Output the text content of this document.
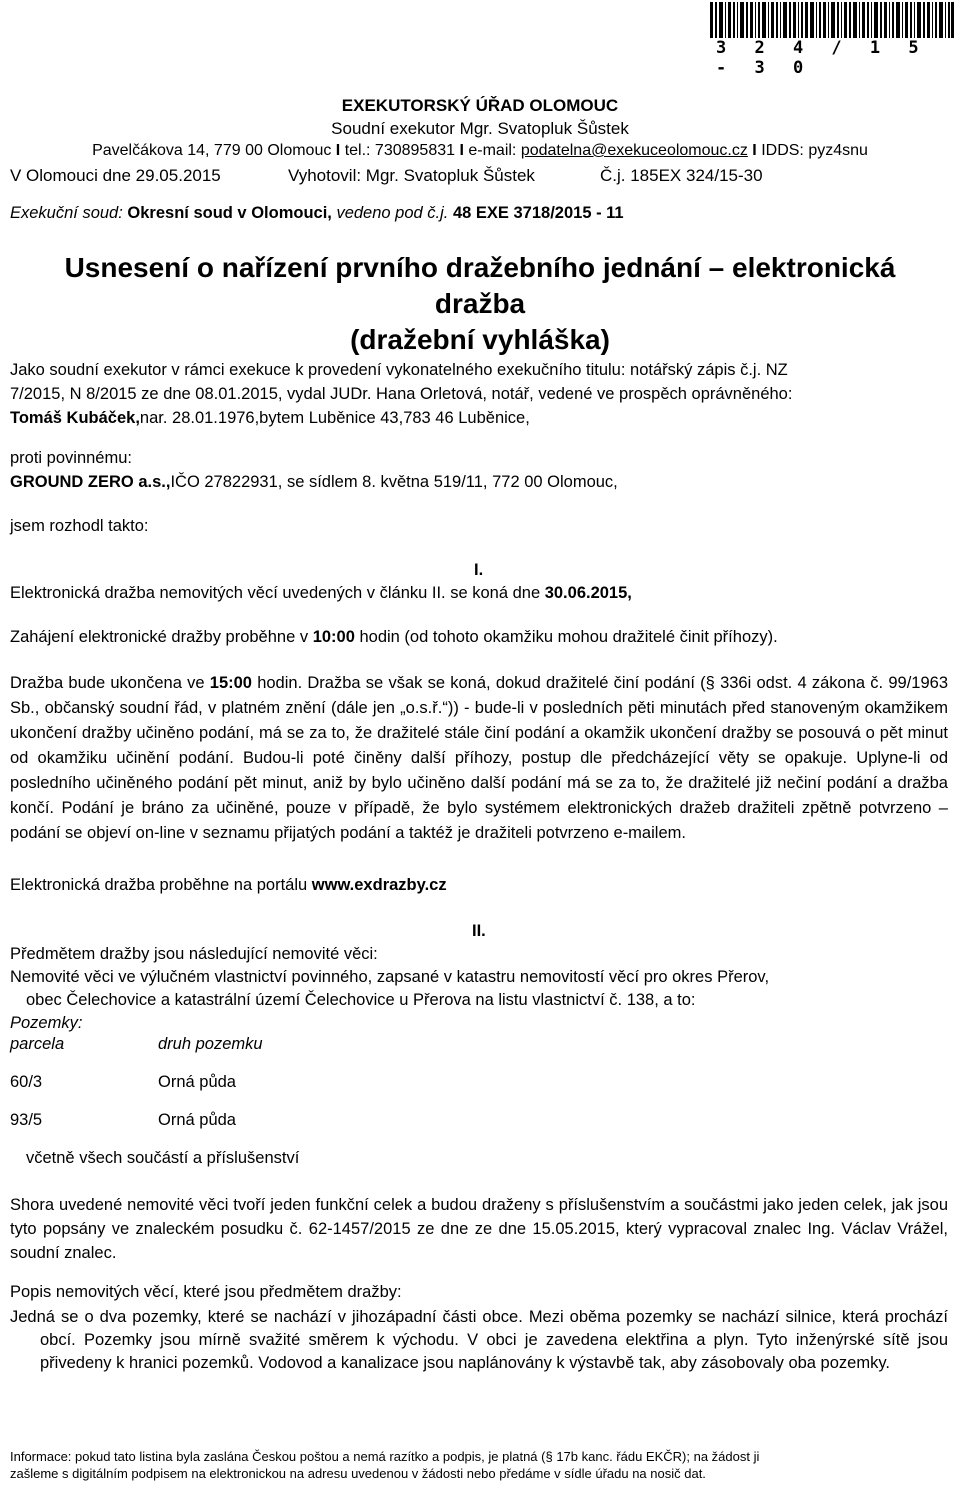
3 2 4 / 1 5 - 3 0
EXEKUTORSKÝ ÚŘAD OLOMOUC
Soudní exekutor Mgr. Svatopluk Šůstek
Pavelčákova 14, 779 00 Olomouc I tel.: 730895831 I e-mail: podatelna@exekuceolomouc.cz I IDDS: pyz4snu
V Olomouci dne 29.05.2015	Vyhotovil: Mgr. Svatopluk Šůstek	Č.j. 185EX 324/15-30
Exekuční soud: Okresní soud v Olomouci, vedeno pod č.j. 48 EXE 3718/2015 - 11
Usnesení o nařízení prvního dražebního jednání – elektronická
dražba
(dražební vyhláška)
Jako soudní exekutor v rámci exekuce k provedení vykonatelného exekučního titulu: notářský zápis č.j. NZ
7/2015, N 8/2015 ze dne 08.01.2015, vydal JUDr. Hana Orletová, notář, vedené ve prospěch oprávněného:
Tomáš Kubáček,nar. 28.01.1976,bytem Luběnice 43,783 46 Luběnice,
proti povinnému:
GROUND ZERO a.s.,IČO 27822931, se sídlem 8. května 519/11, 772 00 Olomouc,
jsem rozhodl takto:
I.
Elektronická dražba nemovitých věcí uvedených v článku II. se koná dne 30.06.2015,
Zahájení elektronické dražby proběhne v 10:00 hodin (od tohoto okamžiku mohou dražitelé činit příhozy).
Dražba bude ukončena ve 15:00 hodin. Dražba se však se koná, dokud dražitelé činí podání (§ 336i odst. 4 zákona č. 99/1963 Sb., občanský soudní řád, v platném znění (dále jen „o.s.ř.“)) - bude-li v posledních pěti minutách před stanoveným okamžikem ukončení dražby učiněno podání, má se za to, že dražitelé stále činí podání a okamžik ukončení dražby se posouvá o pět minut od okamžiku učinění podání. Budou-li poté činěny další příhozy, postup dle předcházející věty se opakuje. Uplyne-li od posledního učiněného podání pět minut, aniž by bylo učiněno další podání má se za to, že dražitelé již nečiní podání a dražba končí. Podání je bráno za učiněné, pouze v případě, že bylo systémem elektronických dražeb dražiteli zpětně potvrzeno – podání se objeví on-line v seznamu přijatých podání a taktéž je dražiteli potvrzeno e-mailem.
Elektronická dražba proběhne na portálu www.exdrazby.cz
II.
Předmětem dražby jsou následující nemovité věci:
Nemovité věci ve výlučném vlastnictví povinného, zapsané v katastru nemovitostí věcí pro okres Přerov,
obec Čelechovice a katastrální území Čelechovice u Přerova na listu vlastnictví č. 138, a to:
Pozemky:
parcela	druh pozemku
60/3	Orná půda
93/5	Orná půda
včetně všech součástí a příslušenství
Shora uvedené nemovité věci tvoří jeden funkční celek a budou draženy s příslušenstvím a součástmi jako jeden celek, jak jsou tyto popsány ve znaleckém posudku č. 62-1457/2015 ze dne ze dne 15.05.2015, který vypracoval znalec Ing. Václav Vrážel, soudní znalec.
Popis nemovitých věcí, které jsou předmětem dražby:
Jedná se o dva pozemky, které se nachází v jihozápadní části obce. Mezi oběma pozemky se nachází silnice, která prochází obcí. Pozemky jsou mírně svažité směrem k východu. V obci je zavedena elektřina a plyn. Tyto inženýrské sítě jsou přivedeny k hranici pozemků. Vodovod a kanalizace jsou naplánovány k výstavbě tak, aby zásobovaly oba pozemky.
Informace: pokud tato listina byla zaslána Českou poštou a nemá razítko a podpis, je platná (§ 17b kanc. řádu EKČR); na žádost ji
zašleme s digitálním podpisem na elektronickou na adresu uvedenou v žádosti nebo předáme v sídle úřadu na nosič dat.
